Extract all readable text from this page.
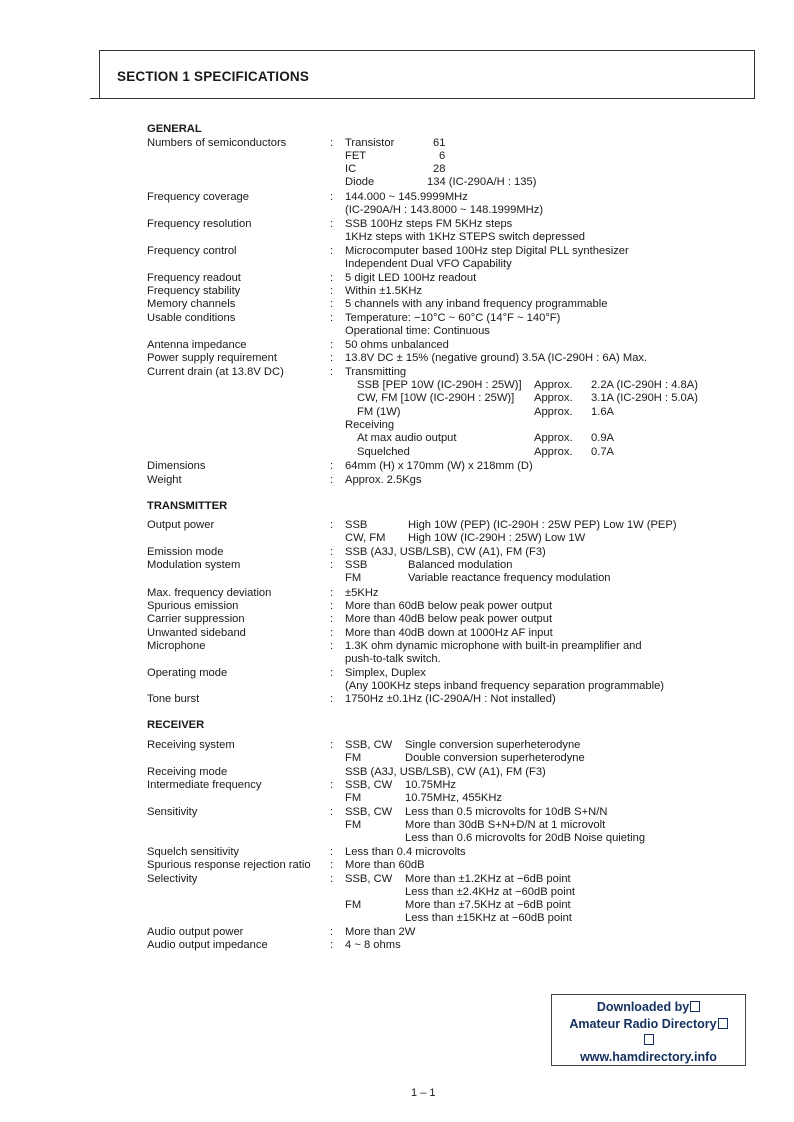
SECTION 1 SPECIFICATIONS
GENERAL
Numbers of semiconductors	: Transistor	61
FET	6
IC	28
Diode	134 (IC-290A/H : 135)
Frequency coverage	: 144.000 ~ 145.9999MHz
(IC-290A/H : 143.8000 ~ 148.1999MHz)
Frequency resolution	: SSB 100Hz steps FM 5KHz steps
1KHz steps with 1KHz STEPS switch depressed
Frequency control	: Microcomputer based 100Hz step Digital PLL synthesizer
Independent Dual VFO Capability
Frequency readout	: 5 digit LED 100Hz readout
Frequency stability	: Within ±1.5KHz
Memory channels	: 5 channels with any inband frequency programmable
Usable conditions	: Temperature: −10°C ~ 60°C (14°F ~ 140°F)
Operational time: Continuous
Antenna impedance	: 50 ohms unbalanced
Power supply requirement	: 13.8V DC ± 15% (negative ground) 3.5A (IC-290H : 6A) Max.
Current drain (at 13.8V DC)	: Transmitting
SSB [PEP 10W (IC-290H : 25W)] Approx. 2.2A (IC-290H : 4.8A)
CW, FM [10W (IC-290H : 25W)] Approx. 3.1A (IC-290H : 5.0A)
FM (1W)	Approx. 1.6A
Receiving
At max audio output	Approx. 0.9A
Squelched	Approx. 0.7A
Dimensions	: 64mm (H) x 170mm (W) x 218mm (D)
Weight	: Approx. 2.5Kgs
TRANSMITTER
Output power	: SSB	High 10W (PEP) (IC-290H : 25W PEP) Low 1W (PEP)
CW, FM High 10W (IC-290H : 25W) Low 1W
Emission mode	: SSB (A3J, USB/LSB), CW (A1), FM (F3)
Modulation system	: SSB	Balanced modulation
FM	Variable reactance frequency modulation
Max. frequency deviation	: ±5KHz
Spurious emission	: More than 60dB below peak power output
Carrier suppression	: More than 40dB below peak power output
Unwanted sideband	: More than 40dB down at 1000Hz AF input
Microphone	: 1.3K ohm dynamic microphone with built-in preamplifier and
push-to-talk switch.
Operating mode	: Simplex, Duplex
(Any 100KHz steps inband frequency separation programmable)
Tone burst	: 1750Hz ±0.1Hz (IC-290A/H : Not installed)
RECEIVER
Receiving system	: SSB, CW Single conversion superheterodyne
FM	Double conversion superheterodyne
Receiving mode	SSB (A3J, USB/LSB), CW (A1), FM (F3)
Intermediate frequency	: SSB, CW 10.75MHz
FM	10.75MHz, 455KHz
Sensitivity	: SSB, CW Less than 0.5 microvolts for 10dB S+N/N
FM	More than 30dB S+N+D/N at 1 microvolt
Less than 0.6 microvolts for 20dB Noise quieting
Squelch sensitivity	: Less than 0.4 microvolts
Spurious response rejection ratio : More than 60dB
Selectivity	: SSB, CW More than ±1.2KHz at −6dB point
Less than ±2.4KHz at −60dB point
FM	More than ±7.5KHz at −6dB point
Less than ±15KHz at −60dB point
Audio output power	: More than 2W
Audio output impedance	: 4 ~ 8 ohms
Downloaded by
Amateur Radio Directory
www.hamdirectory.info
1 – 1
